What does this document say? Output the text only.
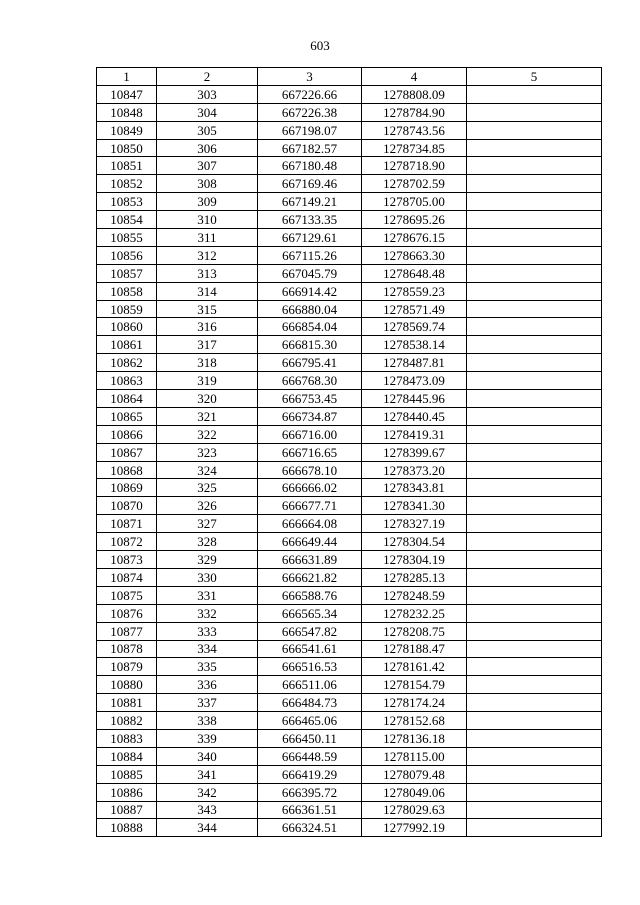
603
1	2	3	4	5
10847	303	667226.66	1278808.09	
10848	304	667226.38	1278784.90	
10849	305	667198.07	1278743.56	
10850	306	667182.57	1278734.85	
10851	307	667180.48	1278718.90	
10852	308	667169.46	1278702.59	
10853	309	667149.21	1278705.00	
10854	310	667133.35	1278695.26	
10855	311	667129.61	1278676.15	
10856	312	667115.26	1278663.30	
10857	313	667045.79	1278648.48	
10858	314	666914.42	1278559.23	
10859	315	666880.04	1278571.49	
10860	316	666854.04	1278569.74	
10861	317	666815.30	1278538.14	
10862	318	666795.41	1278487.81	
10863	319	666768.30	1278473.09	
10864	320	666753.45	1278445.96	
10865	321	666734.87	1278440.45	
10866	322	666716.00	1278419.31	
10867	323	666716.65	1278399.67	
10868	324	666678.10	1278373.20	
10869	325	666666.02	1278343.81	
10870	326	666677.71	1278341.30	
10871	327	666664.08	1278327.19	
10872	328	666649.44	1278304.54	
10873	329	666631.89	1278304.19	
10874	330	666621.82	1278285.13	
10875	331	666588.76	1278248.59	
10876	332	666565.34	1278232.25	
10877	333	666547.82	1278208.75	
10878	334	666541.61	1278188.47	
10879	335	666516.53	1278161.42	
10880	336	666511.06	1278154.79	
10881	337	666484.73	1278174.24	
10882	338	666465.06	1278152.68	
10883	339	666450.11	1278136.18	
10884	340	666448.59	1278115.00	
10885	341	666419.29	1278079.48	
10886	342	666395.72	1278049.06	
10887	343	666361.51	1278029.63	
10888	344	666324.51	1277992.19	
